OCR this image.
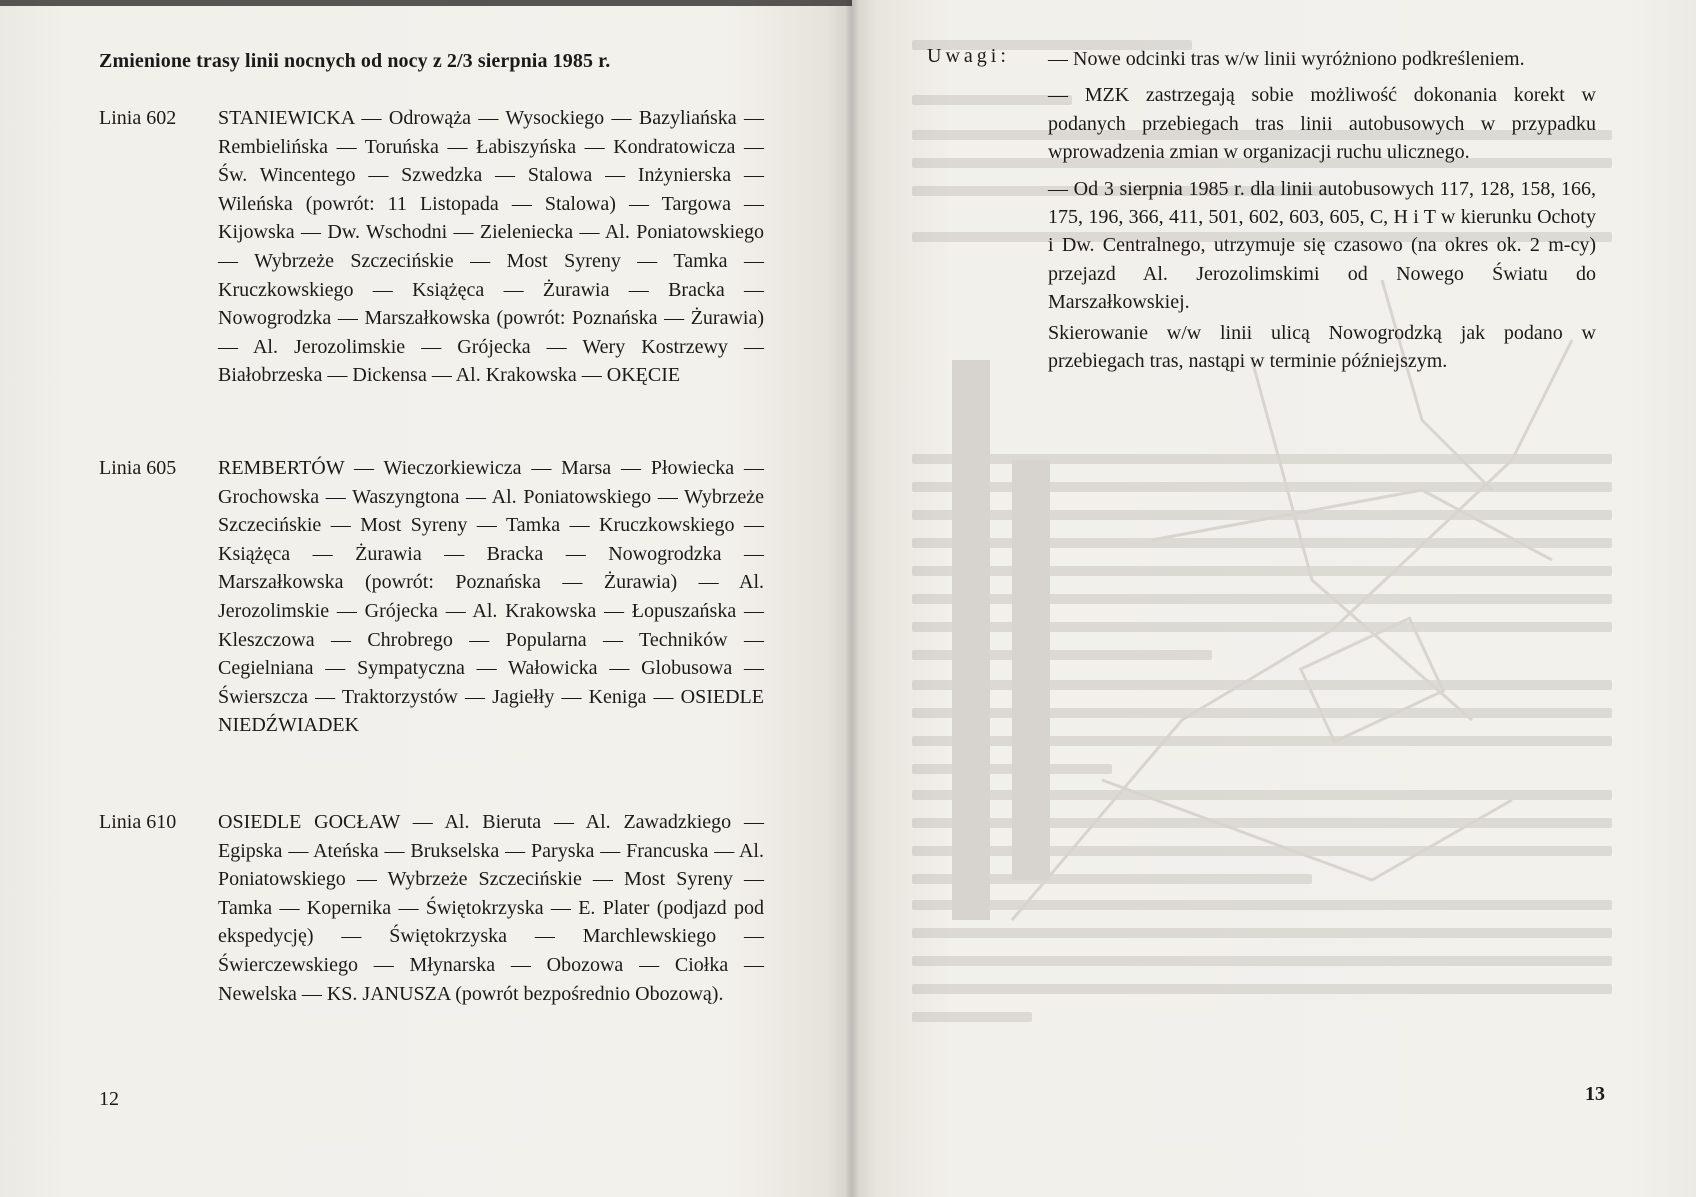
Zmienione trasy linii nocnych od nocy z 2/3 sierpnia 1985 r.
Linia 602 STANIEWICKA — Odrowąża — Wysockiego — Bazyliańska — Rembielińska — Toruńska — Łabiszyńska — Kondratowicza — Św. Wincentego — Szwedzka — Stalowa — Inżynierska — Wileńska (powrót: 11 Listopada — Stalowa) — Targowa — Kijowska — Dw. Wschodni — Zieleniecka — Al. Poniatowskiego — Wybrzeże Szczecińskie — Most Syreny — Tamka — Kruczkowskiego — Książęca — Żurawia — Bracka — Nowogrodzka — Marszałkowska (powrót: Poznańska — Żurawia) — Al. Jerozolimskie — Grójecka — Wery Kostrzewy — Białobrzeska — Dickensa — Al. Krakowska — OKĘCIE
Linia 605 REMBERTÓW — Wieczorkiewicza — Marsa — Płowiecka — Grochowska — Waszyngtona — Al. Poniatowskiego — Wybrzeże Szczecińskie — Most Syreny — Tamka — Kruczkowskiego — Książęca — Żurawia — Bracka — Nowogrodzka — Marszałkowska (powrót: Poznańska — Żurawia) — Al. Jerozolimskie — Grójecka — Al. Krakowska — Łopuszańska — Kleszczowa — Chrobrego — Popularna — Techników — Cegielniana — Sympatyczna — Wałowicka — Globusowa — Świerszcza — Traktorzystów — Jagiełły — Keniga — OSIEDLE NIEDŹWIADEK
Linia 610 OSIEDLE GOCŁAW — Al. Bieruta — Al. Zawadzkiego — Egipska — Ateńska — Brukselska — Paryska — Francuska — Al. Poniatowskiego — Wybrzeże Szczecińskie — Most Syreny — Tamka — Kopernika — Świętokrzyska — E. Plater (podjazd pod ekspedycję) — Świętokrzyska — Marchlewskiego — Świerczewskiego — Młynarska — Obozowa — Ciołka — Newelska — KS. JANUSZA (powrót bezpośrednio Obozową).
12
Uwagi: — Nowe odcinki tras w/w linii wyróżniono podkreśleniem.

— MZK zastrzegają sobie możliwość dokonania korekt w podanych przebiegach tras linii autobusowych w przypadku wprowadzenia zmian w organizacji ruchu ulicznego.

— Od 3 sierpnia 1985 r. dla linii autobusowych 117, 128, 158, 166, 175, 196, 366, 411, 501, 602, 603, 605, C, H i T w kierunku Ochoty i Dw. Centralnego, utrzymuje się czasowo (na okres ok. 2 m-cy) przejazd Al. Jerozolimskimi od Nowego Światu do Marszałkowskiej.

Skierowanie w/w linii ulicą Nowogrodzką jak podano w przebiegach tras, nastąpi w terminie późniejszym.

13
